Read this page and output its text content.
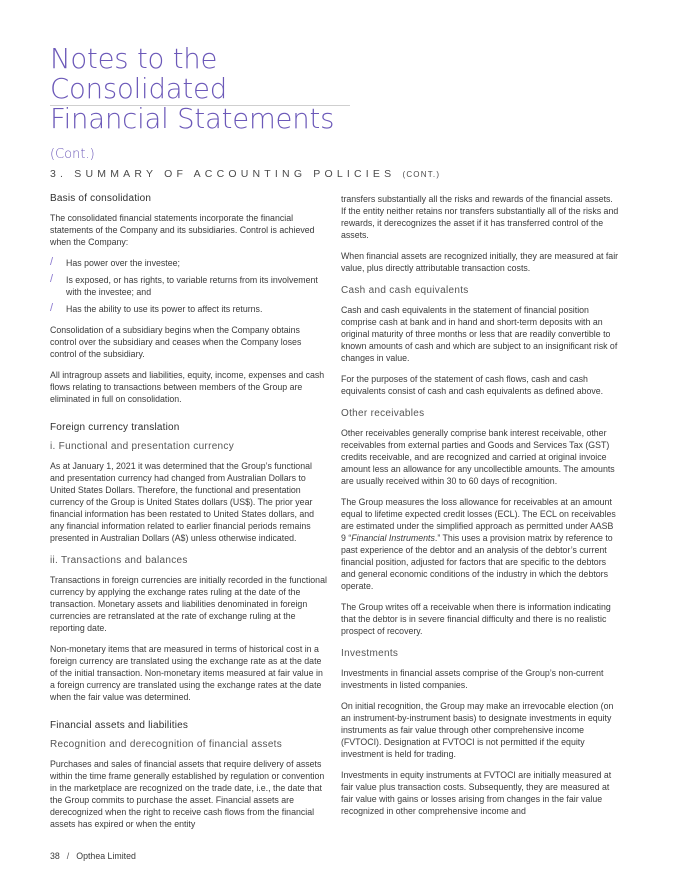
Notes to the Consolidated
Financial Statements (Cont.)
3. SUMMARY OF ACCOUNTING POLICIES (CONT.)
Basis of consolidation

The consolidated financial statements incorporate the financial statements of the Company and its subsidiaries. Control is achieved when the Company:

/ Has power over the investee;
/ Is exposed, or has rights, to variable returns from its involvement with the investee; and
/ Has the ability to use its power to affect its returns.

Consolidation of a subsidiary begins when the Company obtains control over the subsidiary and ceases when the Company loses control of the subsidiary.

All intragroup assets and liabilities, equity, income, expenses and cash flows relating to transactions between members of the Group are eliminated in full on consolidation.

Foreign currency translation
i. Functional and presentation currency

As at January 1, 2021 it was determined that the Group’s functional and presentation currency had changed from Australian Dollars to United States Dollars. Therefore, the functional and presentation currency of the Group is United States dollars (US$). The prior year financial information has been restated to United States dollars, and any financial information related to earlier financial periods remains presented in Australian Dollars (A$) unless otherwise indicated.

ii. Transactions and balances

Transactions in foreign currencies are initially recorded in the functional currency by applying the exchange rates ruling at the date of the transaction. Monetary assets and liabilities denominated in foreign currencies are retranslated at the rate of exchange ruling at the reporting date.

Non-monetary items that are measured in terms of historical cost in a foreign currency are translated using the exchange rate as at the date of the initial transaction. Non-monetary items measured at fair value in a foreign currency are translated using the exchange rates at the date when the fair value was determined.

Financial assets and liabilities
Recognition and derecognition of financial assets

Purchases and sales of financial assets that require delivery of assets within the time frame generally established by regulation or convention in the marketplace are recognized on the trade date, i.e., the date that the Group commits to purchase the asset. Financial assets are derecognized when the right to receive cash flows from the financial assets has expired or when the entity

transfers substantially all the risks and rewards of the financial assets. If the entity neither retains nor transfers substantially all of the risks and rewards, it derecognizes the asset if it has transferred control of the assets.

When financial assets are recognized initially, they are measured at fair value, plus directly attributable transaction costs.

Cash and cash equivalents

Cash and cash equivalents in the statement of financial position comprise cash at bank and in hand and short-term deposits with an original maturity of three months or less that are readily convertible to known amounts of cash and which are subject to an insignificant risk of changes in value.

For the purposes of the statement of cash flows, cash and cash equivalents consist of cash and cash equivalents as defined above.

Other receivables

Other receivables generally comprise bank interest receivable, other receivables from external parties and Goods and Services Tax (GST) credits receivable, and are recognized and carried at original invoice amount less an allowance for any uncollectible amounts. The amounts are usually received within 30 to 60 days of recognition.

The Group measures the loss allowance for receivables at an amount equal to lifetime expected credit losses (ECL). The ECL on receivables are estimated under the simplified approach as permitted under AASB 9 “Financial Instruments.” This uses a provision matrix by reference to past experience of the debtor and an analysis of the debtor’s current financial position, adjusted for factors that are specific to the debtors and general economic conditions of the industry in which the debtors operate.

The Group writes off a receivable when there is information indicating that the debtor is in severe financial difficulty and there is no realistic prospect of recovery.

Investments

Investments in financial assets comprise of the Group’s non-current investments in listed companies.

On initial recognition, the Group may make an irrevocable election (on an instrument-by-instrument basis) to designate investments in equity instruments as fair value through other comprehensive income (FVTOCI). Designation at FVTOCI is not permitted if the equity investment is held for trading.

Investments in equity instruments at FVTOCI are initially measured at fair value plus transaction costs. Subsequently, they are measured at fair value with gains or losses arising from changes in the fair value recognized in other comprehensive income and

38 / Opthea Limited
